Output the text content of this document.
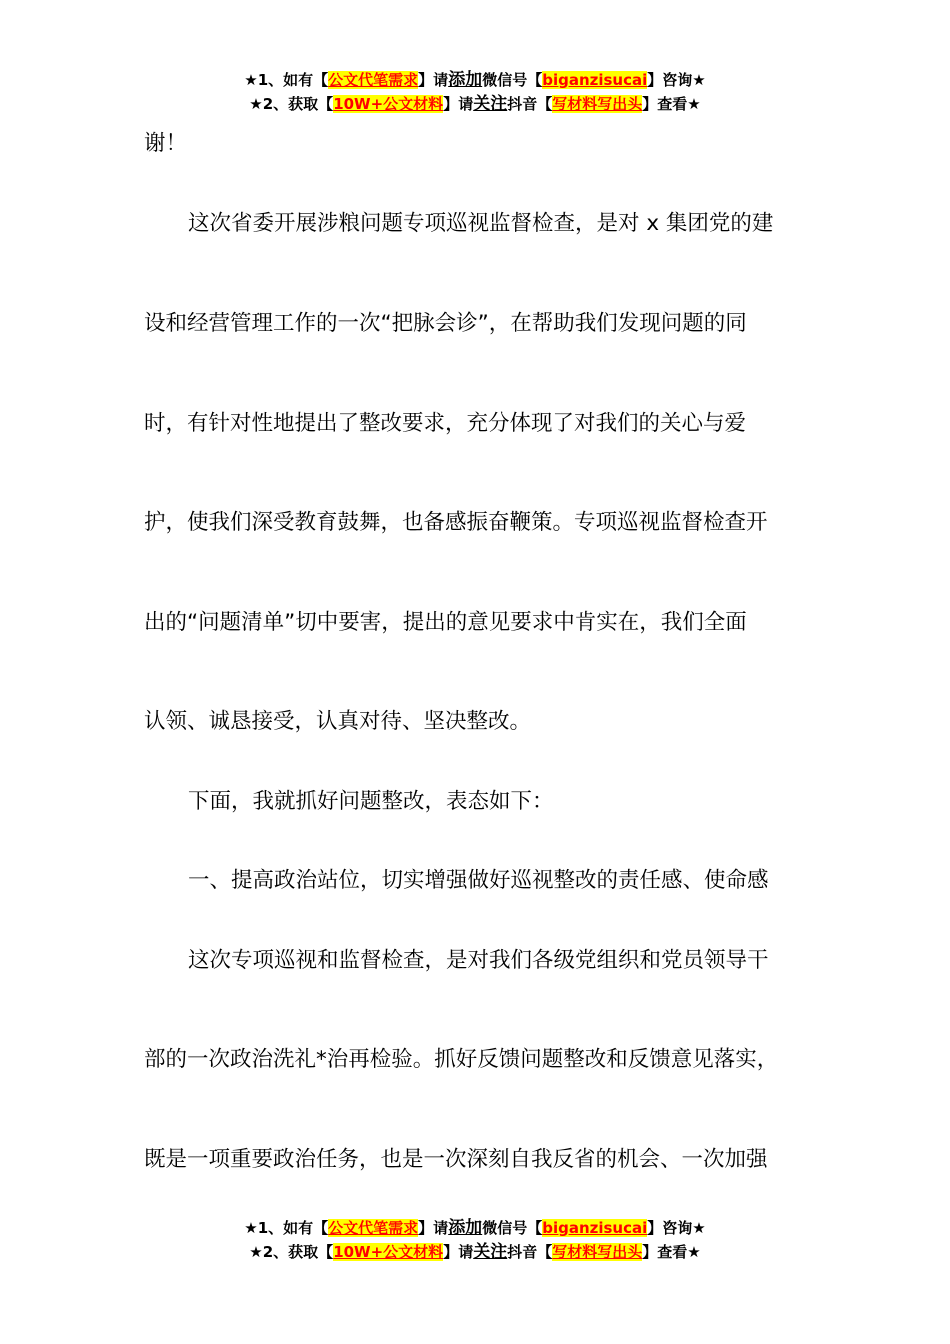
★1、如有【公文代笔需求】请添加微信号【biganzisucai】咨询★
★2、获取【10W+公文材料】请关注抖音【写材料写出头】查看★
谢！
这次省委开展涉粮问题专项巡视监督检查，是对 x 集团党的建
设和经营管理工作的一次“把脉会诊”，在帮助我们发现问题的同
时，有针对性地提出了整改要求，充分体现了对我们的关心与爱
护，使我们深受教育鼓舞，也备感振奋鞭策。专项巡视监督检查开
出的“问题清单”切中要害，提出的意见要求中肯实在，我们全面
认领、诚恳接受，认真对待、坚决整改。
下面，我就抓好问题整改，表态如下：
一、提高政治站位，切实增强做好巡视整改的责任感、使命感
这次专项巡视和监督检查，是对我们各级党组织和党员领导干
部的一次政治洗礼*治再检验。抓好反馈问题整改和反馈意见落实，
既是一项重要政治任务，也是一次深刻自我反省的机会、一次加强
★1、如有【公文代笔需求】请添加微信号【biganzisucai】咨询★
★2、获取【10W+公文材料】请关注抖音【写材料写出头】查看★
